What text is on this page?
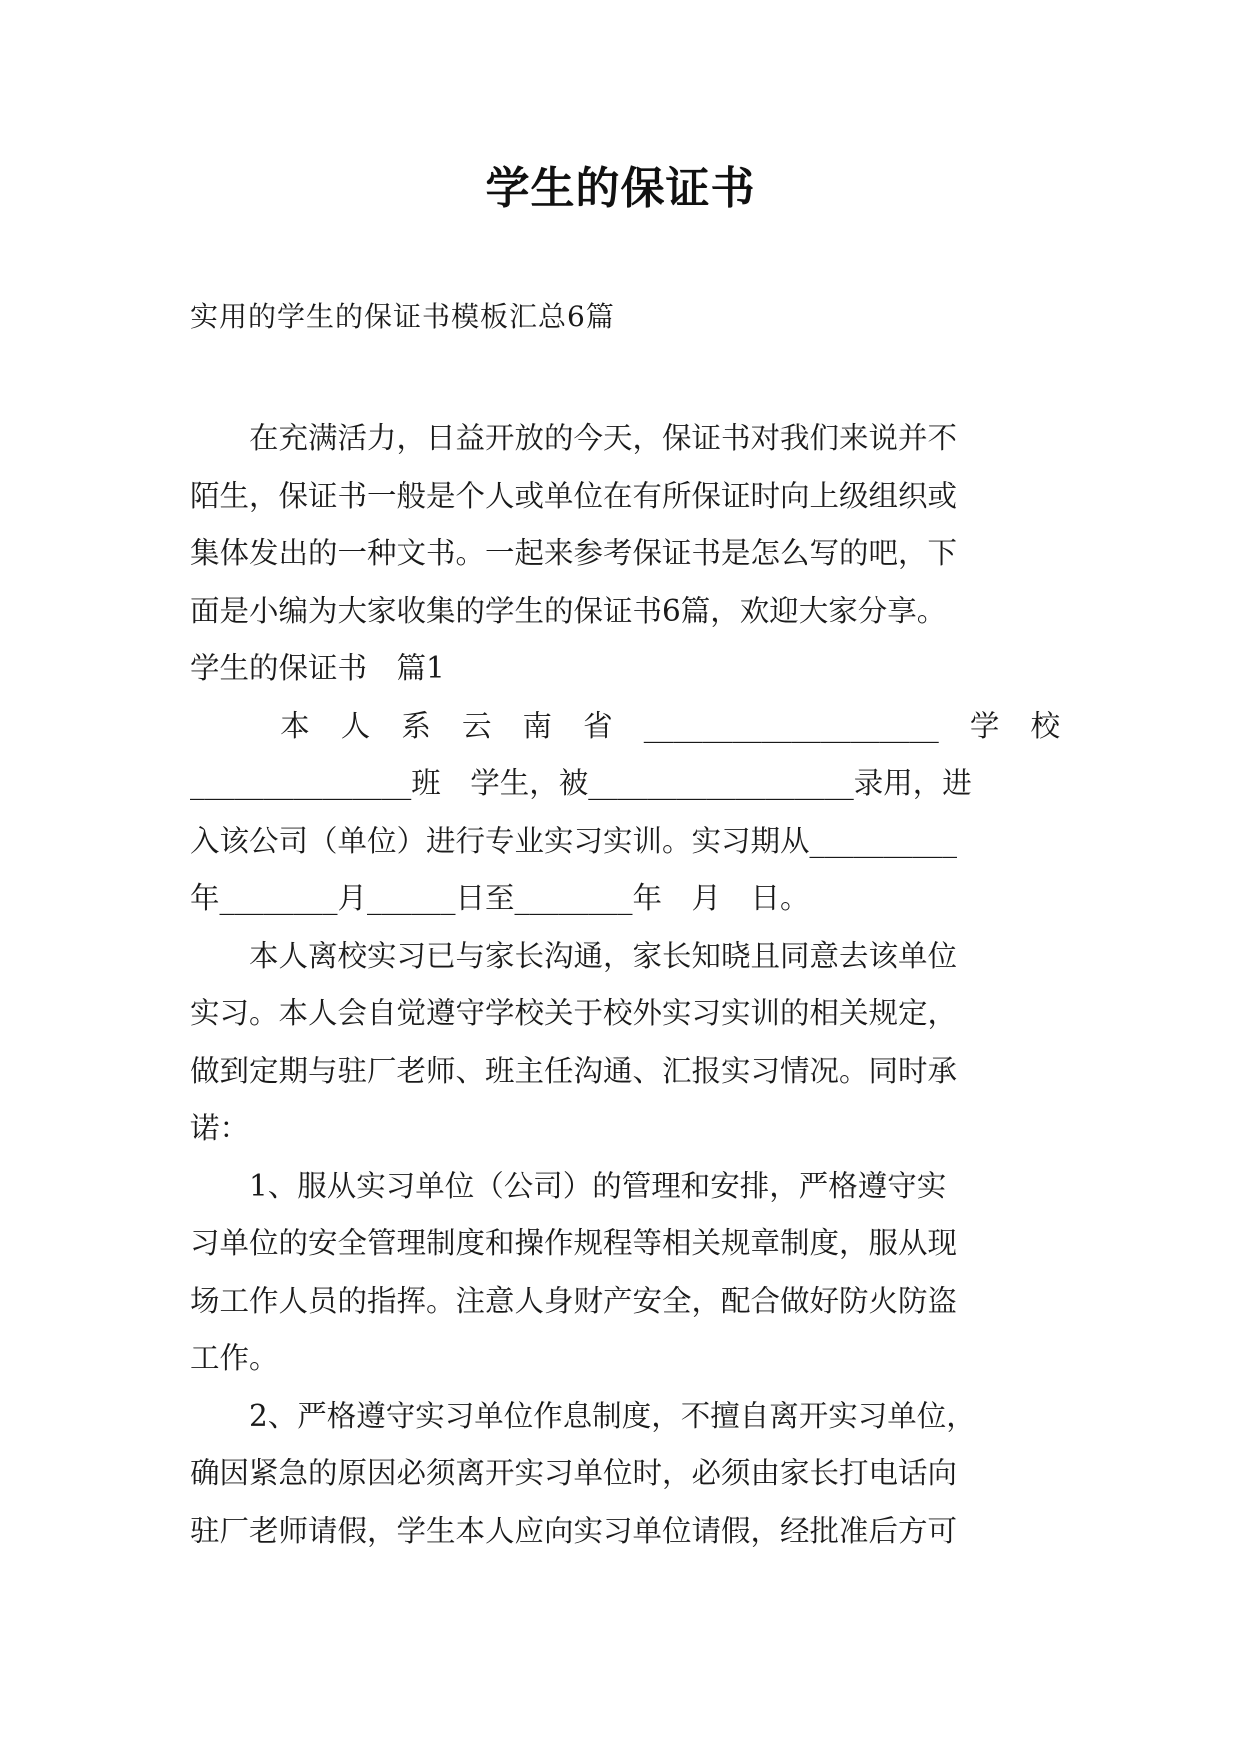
学生的保证书
实用的学生的保证书模板汇总6篇

　　在充满活力，日益开放的今天，保证书对我们来说并不
陌生，保证书一般是个人或单位在有所保证时向上级组织或
集体发出的一种文书。一起来参考保证书是怎么写的吧，下
面是小编为大家收集的学生的保证书6篇，欢迎大家分享。

学生的保证书　篇1

本 人 系 云 南 省 ____________________ 学 校
_______________班　学生，被__________________录用，进
入该公司（单位）进行专业实习实训。实习期从__________
年________月______日至________年　月　日。

　　本人离校实习已与家长沟通，家长知晓且同意去该单位
实习。本人会自觉遵守学校关于校外实习实训的相关规定，
做到定期与驻厂老师、班主任沟通、汇报实习情况。同时承
诺：

　　1、服从实习单位（公司）的管理和安排，严格遵守实
习单位的安全管理制度和操作规程等相关规章制度，服从现
场工作人员的指挥。注意人身财产安全，配合做好防火防盗
工作。

　　2、严格遵守实习单位作息制度，不擅自离开实习单位，
确因紧急的原因必须离开实习单位时，必须由家长打电话向
驻厂老师请假，学生本人应向实习单位请假，经批准后方可
